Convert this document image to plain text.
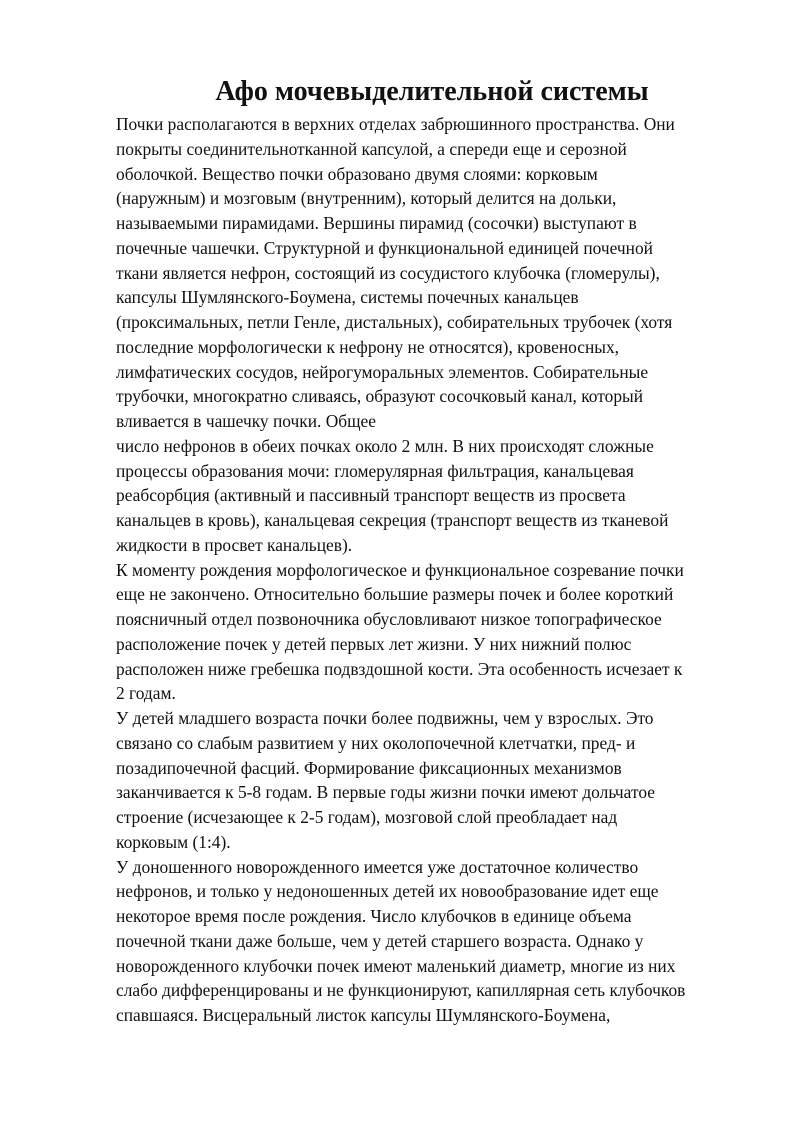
Афо мочевыделительной системы
Почки располагаются в верхних отделах забрюшинного пространства. Они
покрыты соединительнотканной капсулой, а спереди еще и серозной
оболочкой. Вещество почки образовано двумя слоями: корковым
(наружным) и мозговым (внутренним), который делится на дольки,
называемыми пирамидами. Вершины пирамид (сосочки) выступают в
почечные чашечки. Структурной и функциональной единицей почечной
ткани является нефрон, состоящий из сосудистого клубочка (гломерулы),
капсулы Шумлянского-Боумена, системы почечных канальцев
(проксимальных, петли Генле, дистальных), собирательных трубочек (хотя
последние морфологически к нефрону не относятся), кровеносных,
лимфатических сосудов, нейрогуморальных элементов. Собирательные
трубочки, многократно сливаясь, образуют сосочковый канал, который
вливается в чашечку почки. Общее
число нефронов в обеих почках около 2 млн. В них происходят сложные
процессы образования мочи: гломерулярная фильтрация, канальцевая
реабсорбция (активный и пассивный транспорт веществ из просвета
канальцев в кровь), канальцевая секреция (транспорт веществ из тканевой
жидкости в просвет канальцев).
К моменту рождения морфологическое и функциональное созревание почки
еще не закончено. Относительно большие размеры почек и более короткий
поясничный отдел позвоночника обусловливают низкое топографическое
расположение почек у детей первых лет жизни. У них нижний полюс
расположен ниже гребешка подвздошной кости. Эта особенность исчезает к
2 годам.
У детей младшего возраста почки более подвижны, чем у взрослых. Это
связано со слабым развитием у них околопочечной клетчатки, пред- и
позадипочечной фасций. Формирование фиксационных механизмов
заканчивается к 5-8 годам. В первые годы жизни почки имеют дольчатое
строение (исчезающее к 2-5 годам), мозговой слой преобладает над
корковым (1:4).
У доношенного новорожденного имеется уже достаточное количество
нефронов, и только у недоношенных детей их новообразование идет еще
некоторое время после рождения. Число клубочков в единице объема
почечной ткани даже больше, чем у детей старшего возраста. Однако у
новорожденного клубочки почек имеют маленький диаметр, многие из них
слабо дифференцированы и не функционируют, капиллярная сеть клубочков
спавшаяся. Висцеральный листок капсулы Шумлянского-Боумена,
